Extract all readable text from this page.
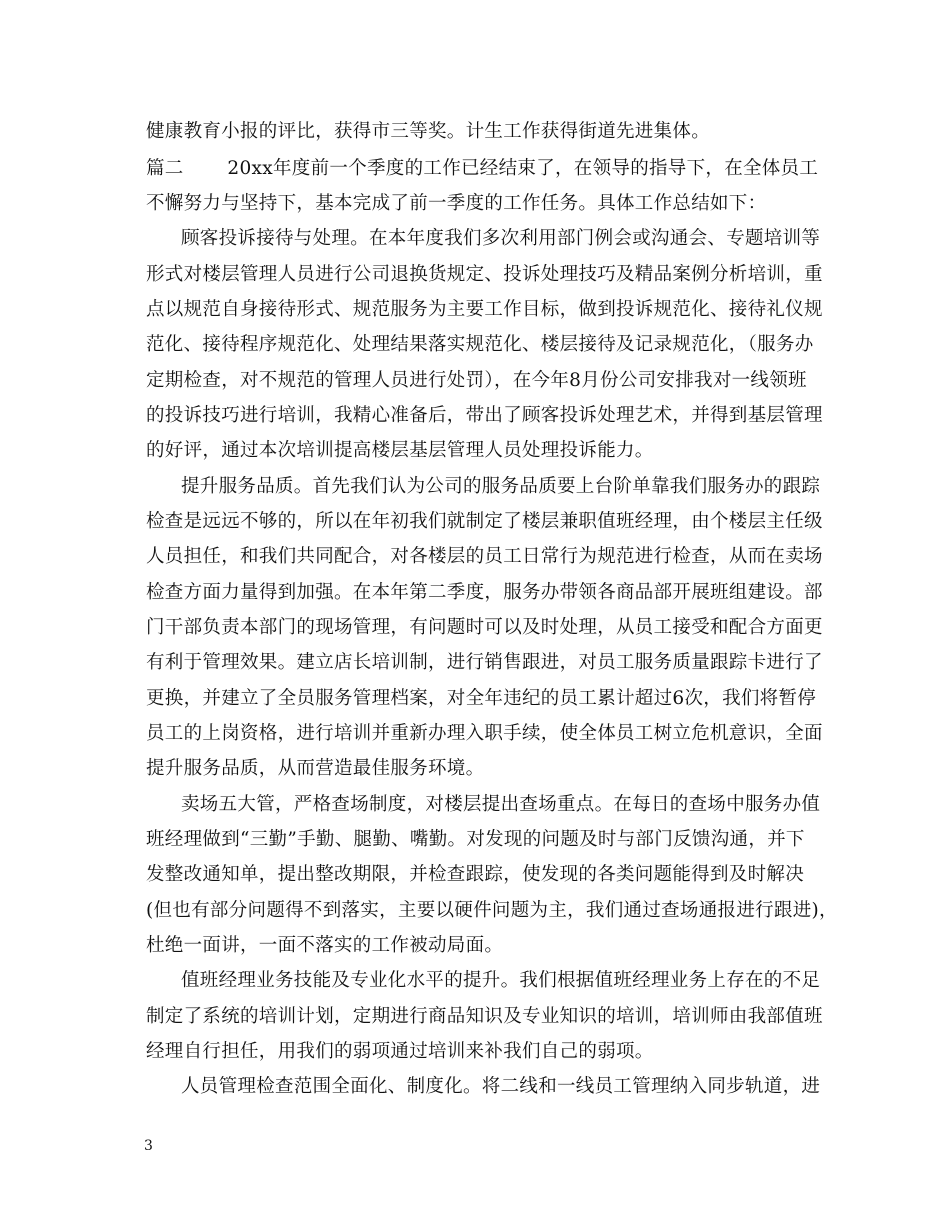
健康教育小报的评比，获得市三等奖。计生工作获得街道先进集体。
篇二　　 20xx年度前一个季度的工作已经结束了，在领导的指导下，在全体员工
不懈努力与坚持下，基本完成了前一季度的工作任务。具体工作总结如下：
顾客投诉接待与处理。在本年度我们多次利用部门例会或沟通会、专题培训等
形式对楼层管理人员进行公司退换货规定、投诉处理技巧及精品案例分析培训，重
点以规范自身接待形式、规范服务为主要工作目标，做到投诉规范化、接待礼仪规
范化、接待程序规范化、处理结果落实规范化、楼层接待及记录规范化，（服务办
定期检查，对不规范的管理人员进行处罚），在今年8月份公司安排我对一线领班
的投诉技巧进行培训，我精心准备后，带出了顾客投诉处理艺术，并得到基层管理
的好评，通过本次培训提高楼层基层管理人员处理投诉能力。
提升服务品质。首先我们认为公司的服务品质要上台阶单靠我们服务办的跟踪
检查是远远不够的，所以在年初我们就制定了楼层兼职值班经理，由个楼层主任级
人员担任，和我们共同配合，对各楼层的员工日常行为规范进行检查，从而在卖场
检查方面力量得到加强。在本年第二季度，服务办带领各商品部开展班组建设。部
门干部负责本部门的现场管理，有问题时可以及时处理，从员工接受和配合方面更
有利于管理效果。建立店长培训制，进行销售跟进，对员工服务质量跟踪卡进行了
更换，并建立了全员服务管理档案，对全年违纪的员工累计超过6次，我们将暂停
员工的上岗资格，进行培训并重新办理入职手续，使全体员工树立危机意识，全面
提升服务品质，从而营造最佳服务环境。
卖场五大管，严格查场制度，对楼层提出查场重点。在每日的查场中服务办值
班经理做到“三勤”手勤、腿勤、嘴勤。对发现的问题及时与部门反馈沟通，并下
发整改通知单，提出整改期限，并检查跟踪，使发现的各类问题能得到及时解决
(但也有部分问题得不到落实，主要以硬件问题为主，我们通过查场通报进行跟进)，
杜绝一面讲，一面不落实的工作被动局面。
值班经理业务技能及专业化水平的提升。我们根据值班经理业务上存在的不足
制定了系统的培训计划，定期进行商品知识及专业知识的培训，培训师由我部值班
经理自行担任，用我们的弱项通过培训来补我们自己的弱项。
人员管理检查范围全面化、制度化。将二线和一线员工管理纳入同步轨道，进
3
